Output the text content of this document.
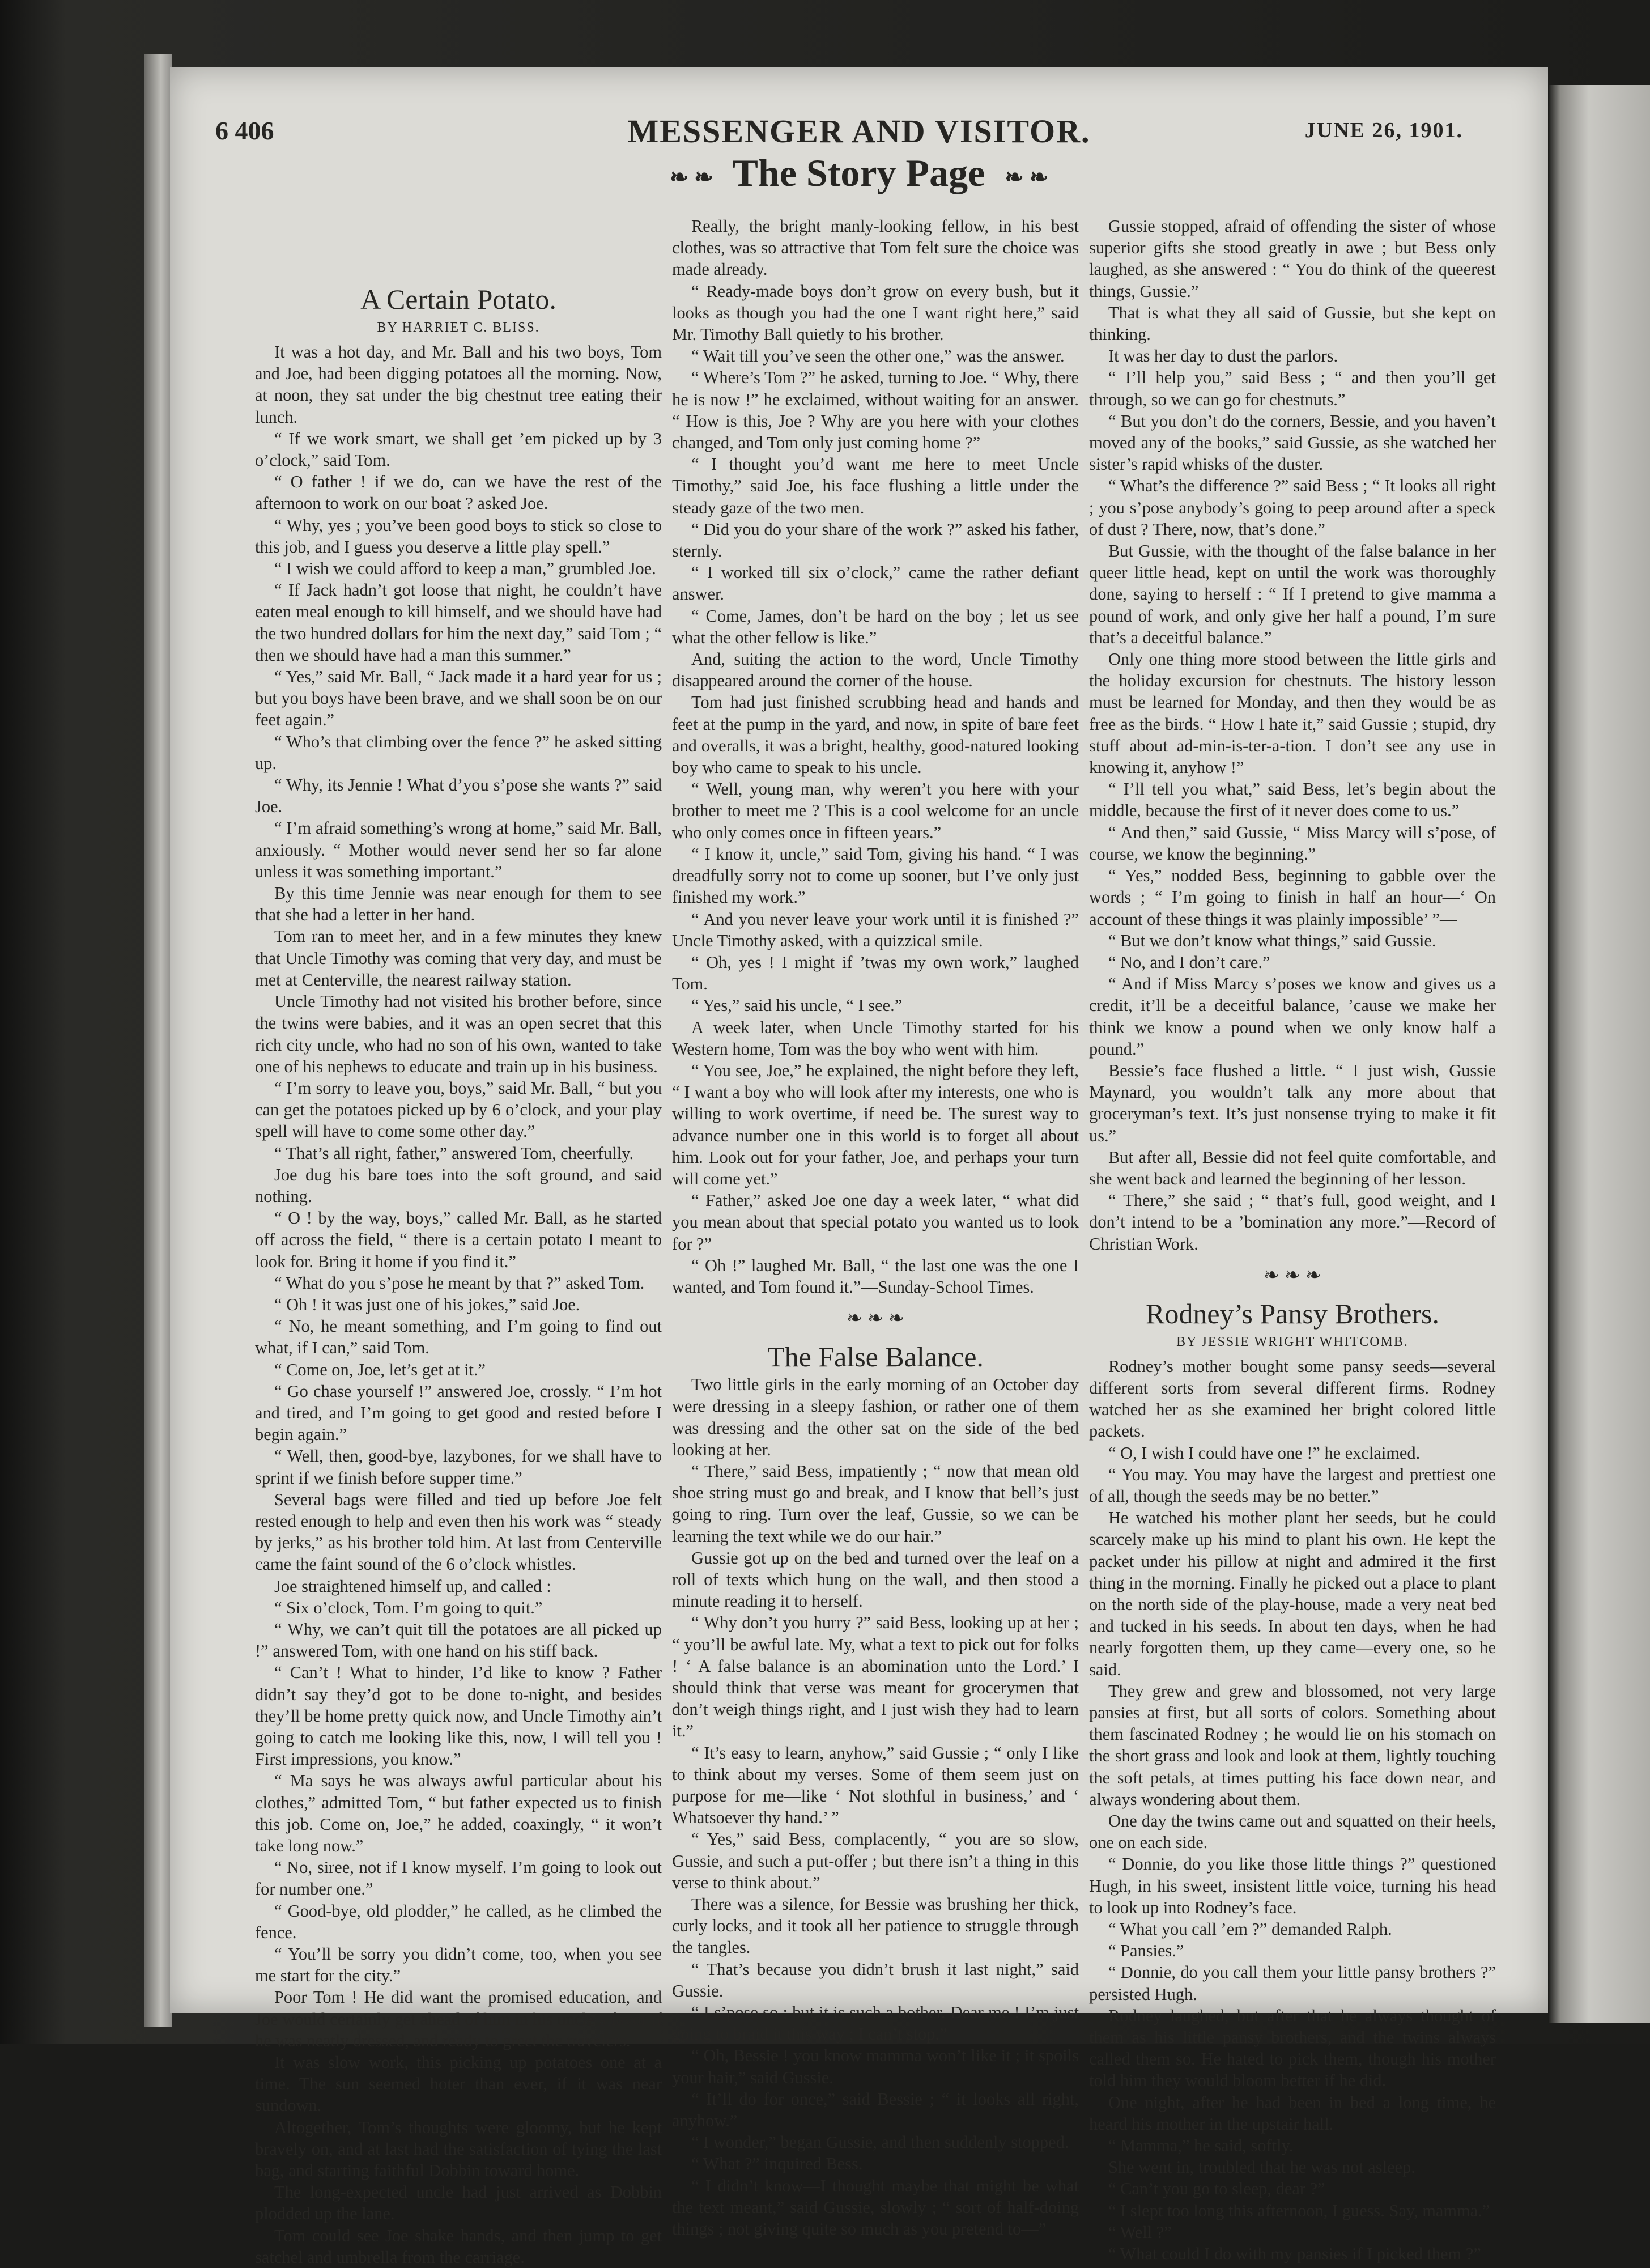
6 406	MESSENGER AND VISITOR.	JUNE 26, 1901.
❧ ❧ The Story Page ❧ ❧

A Certain Potato.

BY HARRIET C. BLISS.

It was a hot day, and Mr. Ball and his two boys, Tom and Joe, had been digging potatoes all the morning. Now, at noon, they sat under the big chestnut tree eating their lunch.

“ If we work smart, we shall get ’em picked up by 3 o’clock,” said Tom.

“ O father ! if we do, can we have the rest of the afternoon to work on our boat ? asked Joe.

“ Why, yes ; you’ve been good boys to stick so close to this job, and I guess you deserve a little play spell.”

“ I wish we could afford to keep a man,” grumbled Joe.

“ If Jack hadn’t got loose that night, he couldn’t have eaten meal enough to kill himself, and we should have had the two hundred dollars for him the next day,” said Tom ; “ then we should have had a man this summer.”

“ Yes,” said Mr. Ball, “ Jack made it a hard year for us ; but you boys have been brave, and we shall soon be on our feet again.”

“ Who’s that climbing over the fence ?” he asked sitting up.

“ Why, its Jennie ! What d’you s’pose she wants ?” said Joe.

“ I’m afraid something’s wrong at home,” said Mr. Ball, anxiously. “ Mother would never send her so far alone unless it was something important.”

By this time Jennie was near enough for them to see that she had a letter in her hand.

Tom ran to meet her, and in a few minutes they knew that Uncle Timothy was coming that very day, and must be met at Centerville, the nearest railway station.

Uncle Timothy had not visited his brother before, since the twins were babies, and it was an open secret that this rich city uncle, who had no son of his own, wanted to take one of his nephews to educate and train up in his business.

“ I’m sorry to leave you, boys,” said Mr. Ball, “ but you can get the potatoes picked up by 6 o’clock, and your play spell will have to come some other day.”

“ That’s all right, father,” answered Tom, cheerfully.

Joe dug his bare toes into the soft ground, and said nothing.

“ O ! by the way, boys,” called Mr. Ball, as he started off across the field, “ there is a certain potato I meant to look for. Bring it home if you find it.”

“ What do you s’pose he meant by that ?” asked Tom.

“ Oh ! it was just one of his jokes,” said Joe.

“ No, he meant something, and I’m going to find out what, if I can,” said Tom.

“ Come on, Joe, let’s get at it.”

“ Go chase yourself !” answered Joe, crossly. “ I’m hot and tired, and I’m going to get good and rested before I begin again.”

“ Well, then, good-bye, lazybones, for we shall have to sprint if we finish before supper time.”

Several bags were filled and tied up before Joe felt rested enough to help and even then his work was “ steady by jerks,” as his brother told him. At last from Centerville came the faint sound of the 6 o’clock whistles.

Joe straightened himself up, and called :

“ Six o’clock, Tom. I’m going to quit.”

“ Why, we can’t quit till the potatoes are all picked up !” answered Tom, with one hand on his stiff back.

“ Can’t ! What to hinder, I’d like to know ? Father didn’t say they’d got to be done to-night, and besides they’ll be home pretty quick now, and Uncle Timothy ain’t going to catch me looking like this, now, I will tell you ! First impressions, you know.”

“ Ma says he was always awful particular about his clothes,” admitted Tom, “ but father expected us to finish this job. Come on, Joe,” he added, coaxingly, “ it won’t take long now.”

“ No, siree, not if I know myself. I’m going to look out for number one.”

“ Good-bye, old plodder,” he called, as he climbed the fence.

“ You’ll be sorry you didn’t come, too, when you see me start for the city.”

Poor Tom ! He did want the promised education, and Joe would certainly get ahead of him in his uncle’s favor if he was neatly dressed, and ready to greet the travelers.

It was slow work, this picking up potatoes one at a time. The sun seemed hoter than ever, if it was near sundown.

Altogether, Tom’s thoughts were gloomy, but he kept bravely on, and at last had the satisfaction of tying the last bag, and starting faithful Dobbin toward home.

The long-expected uncle had just arrived as Dobbin plodded up the lane.

Tom could see Joe shake hands, and then jump to get satchel and umbrella from the carriage.

Really, the bright manly-looking fellow, in his best clothes, was so attractive that Tom felt sure the choice was made already.

“ Ready-made boys don’t grow on every bush, but it looks as though you had the one I want right here,” said Mr. Timothy Ball quietly to his brother.

“ Wait till you’ve seen the other one,” was the answer.

“ Where’s Tom ?” he asked, turning to Joe. “ Why, there he is now !” he exclaimed, without waiting for an answer. “ How is this, Joe ? Why are you here with your clothes changed, and Tom only just coming home ?”

“ I thought you’d want me here to meet Uncle Timothy,” said Joe, his face flushing a little under the steady gaze of the two men.

“ Did you do your share of the work ?” asked his father, sternly.

“ I worked till six o’clock,” came the rather defiant answer.

“ Come, James, don’t be hard on the boy ; let us see what the other fellow is like.”

And, suiting the action to the word, Uncle Timothy disappeared around the corner of the house.

Tom had just finished scrubbing head and hands and feet at the pump in the yard, and now, in spite of bare feet and overalls, it was a bright, healthy, good-natured looking boy who came to speak to his uncle.

“ Well, young man, why weren’t you here with your brother to meet me ? This is a cool welcome for an uncle who only comes once in fifteen years.”

“ I know it, uncle,” said Tom, giving his hand. “ I was dreadfully sorry not to come up sooner, but I’ve only just finished my work.”

“ And you never leave your work until it is finished ?” Uncle Timothy asked, with a quizzical smile.

“ Oh, yes ! I might if ’twas my own work,” laughed Tom.

“ Yes,” said his uncle, “ I see.”

A week later, when Uncle Timothy started for his Western home, Tom was the boy who went with him.

“ You see, Joe,” he explained, the night before they left, “ I want a boy who will look after my interests, one who is willing to work overtime, if need be. The surest way to advance number one in this world is to forget all about him. Look out for your father, Joe, and perhaps your turn will come yet.”

“ Father,” asked Joe one day a week later, “ what did you mean about that special potato you wanted us to look for ?”

“ Oh !” laughed Mr. Ball, “ the last one was the one I wanted, and Tom found it.”—Sunday-School Times.

❧ ❧ ❧

The False Balance.

Two little girls in the early morning of an October day were dressing in a sleepy fashion, or rather one of them was dressing and the other sat on the side of the bed looking at her.

“ There,” said Bess, impatiently ; “ now that mean old shoe string must go and break, and I know that bell’s just going to ring. Turn over the leaf, Gussie, so we can be learning the text while we do our hair.”

Gussie got up on the bed and turned over the leaf on a roll of texts which hung on the wall, and then stood a minute reading it to herself.

“ Why don’t you hurry ?” said Bess, looking up at her ; “ you’ll be awful late. My, what a text to pick out for folks ! ‘ A false balance is an abomination unto the Lord.’ I should think that verse was meant for grocerymen that don’t weigh things right, and I just wish they had to learn it.”

“ It’s easy to learn, anyhow,” said Gussie ; “ only I like to think about my verses. Some of them seem just on purpose for me—like ‘ Not slothful in business,’ and ‘ Whatsoever thy hand.’ ”

“ Yes,” said Bess, complacently, “ you are so slow, Gussie, and such a put-offer ; but there isn’t a thing in this verse to think about.”

There was a silence, for Bessie was brushing her thick, curly locks, and it took all her patience to struggle through the tangles.

“ That’s because you didn’t brush it last night,” said Gussie.

“ I s’pose so ; but it is such a bother. Dear me ! I’m just going to braid it this way ; I can’t stop.”

“ Oh, Bessie ! you know mamma won’t like it ; it spoils your hair,” said Gussie.

“ It’ll do for once,” said Bessie ; “ it looks all right, anyhow.”

“ I wonder,” began Gussie, and then suddenly stopped.

“ What ?” inquired Bess.

“ I didn’t know—I thought maybe that might be what the text meant,” said Gussie, slowly ; “ sort of half-doing things ; not giving quite so much as you pretend to—”

Gussie stopped, afraid of offending the sister of whose superior gifts she stood greatly in awe ; but Bess only laughed, as she answered : “ You do think of the queerest things, Gussie.”

That is what they all said of Gussie, but she kept on thinking.

It was her day to dust the parlors.

“ I’ll help you,” said Bess ; “ and then you’ll get through, so we can go for chestnuts.”

“ But you don’t do the corners, Bessie, and you haven’t moved any of the books,” said Gussie, as she watched her sister’s rapid whisks of the duster.

“ What’s the difference ?” said Bess ; “ It looks all right ; you s’pose anybody’s going to peep around after a speck of dust ? There, now, that’s done.”

But Gussie, with the thought of the false balance in her queer little head, kept on until the work was thoroughly done, saying to herself : “ If I pretend to give mamma a pound of work, and only give her half a pound, I’m sure that’s a deceitful balance.”

Only one thing more stood between the little girls and the holiday excursion for chestnuts. The history lesson must be learned for Monday, and then they would be as free as the birds. “ How I hate it,” said Gussie ; stupid, dry stuff about ad-min-is-ter-a-tion. I don’t see any use in knowing it, anyhow !”

“ I’ll tell you what,” said Bess, let’s begin about the middle, because the first of it never does come to us.”

“ And then,” said Gussie, “ Miss Marcy will s’pose, of course, we know the beginning.”

“ Yes,” nodded Bess, beginning to gabble over the words ; “ I’m going to finish in half an hour—‘ On account of these things it was plainly impossible’ ”—

“ But we don’t know what things,” said Gussie.

“ No, and I don’t care.”

“ And if Miss Marcy s’poses we know and gives us a credit, it’ll be a deceitful balance, ’cause we make her think we know a pound when we only know half a pound.”

Bessie’s face flushed a little. “ I just wish, Gussie Maynard, you wouldn’t talk any more about that groceryman’s text. It’s just nonsense trying to make it fit us.”

But after all, Bessie did not feel quite comfortable, and she went back and learned the beginning of her lesson.

“ There,” she said ; “ that’s full, good weight, and I don’t intend to be a ’bomination any more.”—Record of Christian Work.

❧ ❧ ❧

Rodney’s Pansy Brothers.

BY JESSIE WRIGHT WHITCOMB.

Rodney’s mother bought some pansy seeds—several different sorts from several different firms. Rodney watched her as she examined her bright colored little packets.

“ O, I wish I could have one !” he exclaimed.

“ You may. You may have the largest and prettiest one of all, though the seeds may be no better.”

He watched his mother plant her seeds, but he could scarcely make up his mind to plant his own. He kept the packet under his pillow at night and admired it the first thing in the morning. Finally he picked out a place to plant on the north side of the play-house, made a very neat bed and tucked in his seeds. In about ten days, when he had nearly forgotten them, up they came—every one, so he said.

They grew and grew and blossomed, not very large pansies at first, but all sorts of colors. Something about them fascinated Rodney ; he would lie on his stomach on the short grass and look and look at them, lightly touching the soft petals, at times putting his face down near, and always wondering about them.

One day the twins came out and squatted on their heels, one on each side.

“ Donnie, do you like those little things ?” questioned Hugh, in his sweet, insistent little voice, turning his head to look up into Rodney’s face.

“ What you call ’em ?” demanded Ralph.

“ Pansies.”

“ Donnie, do you call them your little pansy brothers ?” persisted Hugh.

Rodney laughed, but after that he always thought of them as his little pansy brothers, and the twins always called them so. He hated to pick them, though his mother told him they would bloom better if he did.

One night, after he had been in bed a long time, he heard his mother in the upstair hall.

“ Mamma,” he said, softly.

She went in, troubled that he was not asleep.

“ Can’t you go to sleep, dear ?”

“ I slept too long this afternoon, I guess. Say, mamma.”

“ Well ?”

“ What could I do with my pansies if I picked them ?”
